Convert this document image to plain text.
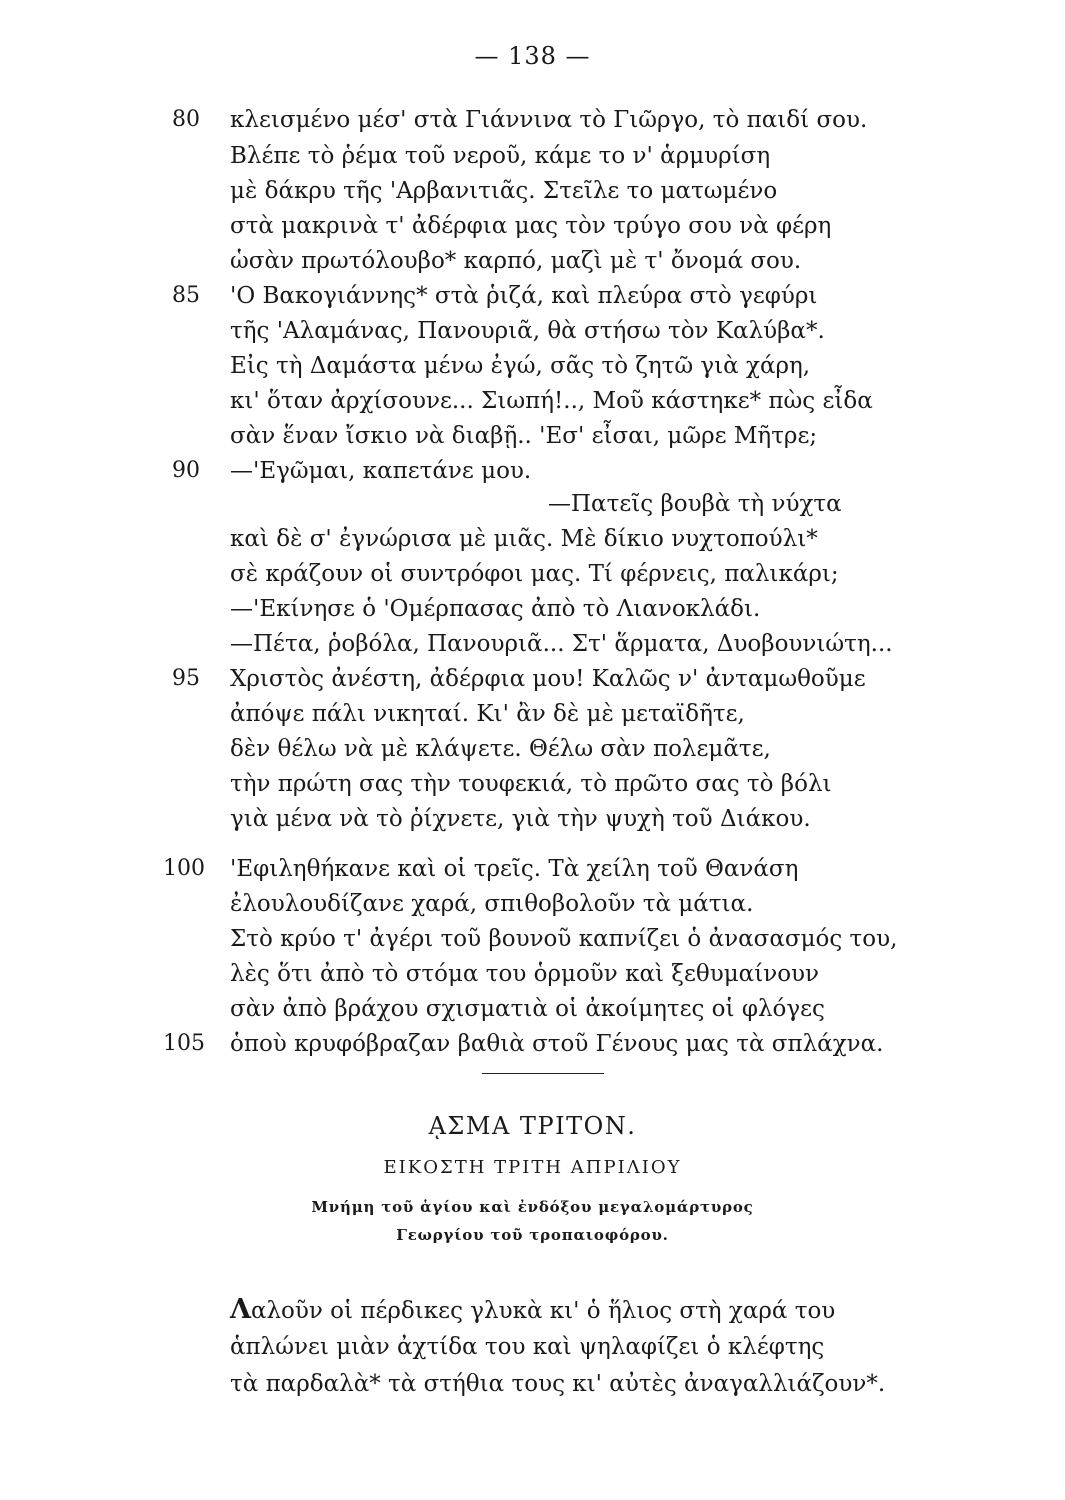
— 138 —
80 κλεισμένο μέσ' στὰ Γιάννινα τὸ Γιῶργο, τὸ παιδί σου.
Βλέπε τὸ ῥέμα τοῦ νεροῦ, κάμε το ν' ἁρμυρίση
μὲ δάκρυ τῆς 'Αρβανιτιᾶς. Στεῖλε το ματωμένο
στὰ μακρινὰ τ' ἀδέρφια μας τὸν τρύγο σου νὰ φέρη
ὡσὰν πρωτόλουβο* καρπό, μαζὶ μὲ τ' ὄνομά σου.
85 'Ο Βακογιάννης* στὰ ῥιζά, καὶ πλεύρα στὸ γεφύρι
τῆς 'Αλαμάνας, Πανουριᾶ, θὰ στήσω τὸν Καλύβα*.
Εἰς τὴ Δαμάστα μένω ἐγώ, σᾶς τὸ ζητῶ γιὰ χάρη,
κι' ὅταν ἀρχίσουνε... Σιωπή!.., Μοῦ κάστηκε* πὼς εἶδα
σὰν ἕναν ἴσκιο νὰ διαβῇ.. 'Εσ' εἶσαι, μῶρε Μῆτρε;
90 —'Εγῶμαι, καπετάνε μου.
—Πατεῖς βουβὰ τὴ νύχτα
καὶ δὲ σ' ἐγνώρισα μὲ μιᾶς. Μὲ δίκιο νυχτοπούλι*
σὲ κράζουν οἱ συντρόφοι μας. Τί φέρνεις, παλικάρι;
—'Εκίνησε ὁ 'Ομέρπασας ἀπὸ τὸ Λιανοκλάδι.
—Πέτα, ῥοβόλα, Πανουριᾶ... Στ' ἅρματα, Δυοβουνιώτη...
95 Χριστὸς ἀνέστη, ἀδέρφια μου! Καλῶς ν' ἀνταμωθοῦμε
ἀπόψε πάλι νικηταί. Κι' ἂν δὲ μὲ μεταϊδῆτε,
δὲν θέλω νὰ μὲ κλάψετε. Θέλω σὰν πολεμᾶτε,
τὴν πρώτη σας τὴν τουφεκιά, τὸ πρῶτο σας τὸ βόλι
γιὰ μένα νὰ τὸ ῥίχνετε, γιὰ τὴν ψυχὴ τοῦ Διάκου.
100 'Εφιληθήκανε καὶ οἱ τρεῖς. Τὰ χείλη τοῦ Θανάση
ἐλουλουδίζανε χαρά, σπιθοβολοῦν τὰ μάτια.
Στὸ κρύο τ' ἀγέρι τοῦ βουνοῦ καπνίζει ὁ ἀνασασμός του,
λὲς ὅτι ἀπὸ τὸ στόμα του ὁρμοῦν καὶ ξεθυμαίνουν
σὰν ἀπὸ βράχου σχισματιὰ οἱ ἀκοίμητες οἱ φλόγες
105 ὁποὺ κρυφόβραζαν βαθιὰ στοῦ Γένους μας τὰ σπλάχνα.
ᾼΣΜΑ ΤΡΙΤΟΝ.
ΕΙΚΟΣΤΗ ΤΡΙΤΗ ΑΠΡΙΛΙΟΥ
Μνήμη τοῦ ἁγίου καὶ ἐνδόξου μεγαλομάρτυρος
Γεωργίου τοῦ τροπαιοφόρου.
Λαλοῦν οἱ πέρδικες γλυκὰ κι' ὁ ἥλιος στὴ χαρά του
ἁπλώνει μιὰν ἀχτίδα του καὶ ψηλαφίζει ὁ κλέφτης
τὰ παρδαλὰ* τὰ στήθια τους κι' αὐτὲς ἀναγαλλιάζουν*.
